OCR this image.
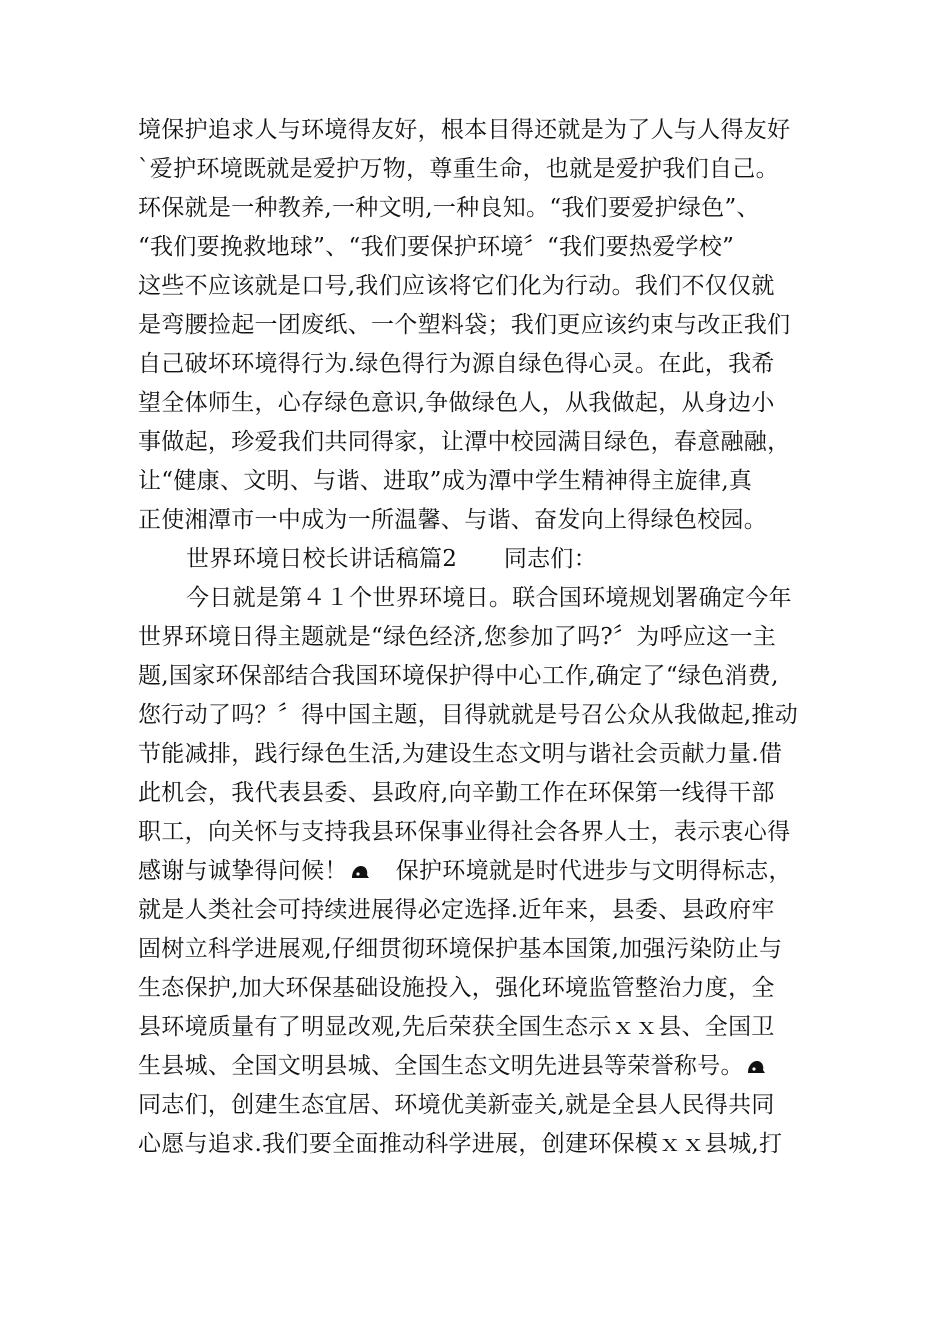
境保护追求人与环境得友好，根本目得还就是为了人与人得友好
`爱护环境既就是爱护万物，尊重生命，也就是爱护我们自己。
环保就是一种教养,一种文明,一种良知。“我们要爱护绿色”、
“我们要挽救地球”、“我们要保护环境〞“我们要热爱学校”
这些不应该就是口号,我们应该将它们化为行动。我们不仅仅就
是弯腰捡起一团废纸、一个塑料袋；我们更应该约束与改正我们
自己破坏环境得行为.绿色得行为源自绿色得心灵。在此，我希
望全体师生，心存绿色意识,争做绿色人，从我做起，从身边小
事做起，珍爱我们共同得家，让潭中校园满目绿色，春意融融，
让“健康、文明、与谐、进取”成为潭中学生精神得主旋律,真
正使湘潭市一中成为一所温馨、与谐、奋发向上得绿色校园。
世界环境日校长讲话稿篇2　　同志们：
今日就是第４１个世界环境日。联合国环境规划署确定今年
世界环境日得主题就是“绿色经济,您参加了吗?〞为呼应这一主
题,国家环保部结合我国环境保护得中心工作,确定了“绿色消费,
您行动了吗？〞得中国主题，目得就就是号召公众从我做起,推动
节能减排，践行绿色生活,为建设生态文明与谐社会贡献力量.借
此机会，我代表县委、县政府,向辛勤工作在环保第一线得干部
职工，向关怀与支持我县环保事业得社会各界人士，表示衷心得
感谢与诚挚得问候！ 保护环境就是时代进步与文明得标志，
就是人类社会可持续进展得必定选择.近年来，县委、县政府牢
固树立科学进展观,仔细贯彻环境保护基本国策,加强污染防止与
生态保护,加大环保基础设施投入，强化环境监管整治力度，全
县环境质量有了明显改观,先后荣获全国生态示ｘｘ县、全国卫
生县城、全国文明县城、全国生态文明先进县等荣誉称号。
同志们，创建生态宜居、环境优美新壶关,就是全县人民得共同
心愿与追求.我们要全面推动科学进展，创建环保模ｘｘ县城,打
